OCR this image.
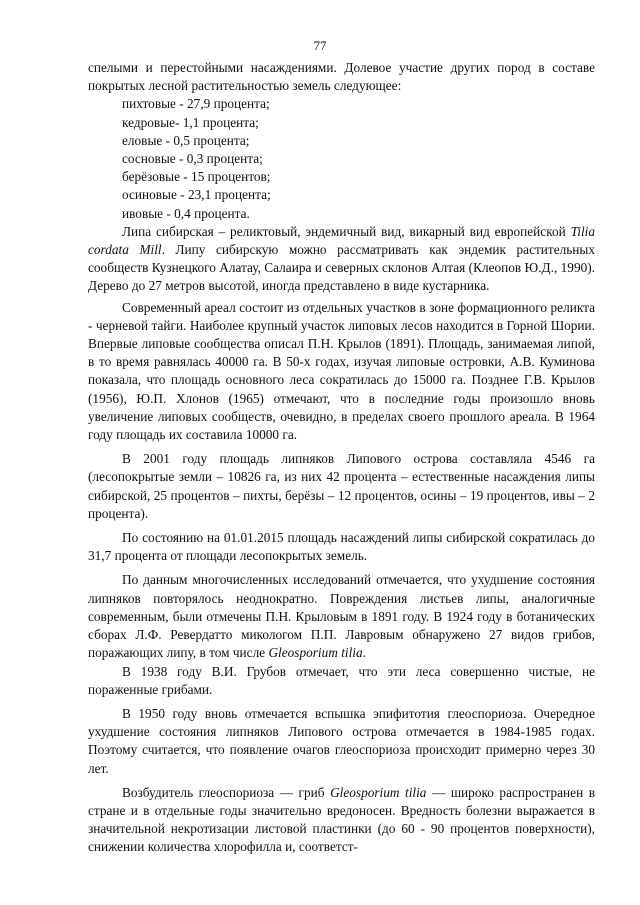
77

спелыми и перестойными насаждениями. Долевое участие других пород в составе покрытых лесной растительностью земель следующее:

пихтовые - 27,9 процента;
кедровые- 1,1 процента;
еловые - 0,5 процента;
сосновые - 0,3 процента;
берёзовые - 15 процентов;
осиновые - 23,1 процента;
ивовые - 0,4 процента.

Липа сибирская – реликтовый, эндемичный вид, викарный вид европейской Tilia cordata Mill. Липу сибирскую можно рассматривать как эндемик растительных сообществ Кузнецкого Алатау, Салаира и северных склонов Алтая (Клеопов Ю.Д., 1990). Дерево до 27 метров высотой, иногда представлено в виде кустарника.

Современный ареал состоит из отдельных участков в зоне формационного реликта - черневой тайги. Наиболее крупный участок липовых лесов находится в Горной Шории. Впервые липовые сообщества описал П.Н. Крылов (1891). Площадь, занимаемая липой, в то время равнялась 40000 га. В 50-х годах, изучая липовые островки, А.В. Куминова показала, что площадь основного леса сократилась до 15000 га. Позднее Г.В. Крылов (1956), Ю.П. Хлонов (1965) отмечают, что в последние годы произошло вновь увеличение липовых сообществ, очевидно, в пределах своего прошлого ареала. В 1964 году площадь их составила 10000 га.

В 2001 году площадь липняков Липового острова составляла 4546 га (лесопокрытые земли – 10826 га, из них 42 процента – естественные насаждения липы сибирской, 25 процентов – пихты, берёзы – 12 процентов, осины – 19 процентов, ивы – 2 процента).

По состоянию на 01.01.2015 площадь насаждений липы сибирской сократилась до 31,7 процента от площади лесопокрытых земель.

По данным многочисленных исследований отмечается, что ухудшение состояния липняков повторялось неоднократно. Повреждения листьев липы, аналогичные современным, были отмечены П.Н. Крыловым в 1891 году. В 1924 году в ботанических сборах Л.Ф. Ревердатто микологом П.П. Лавровым обнаружено 27 видов грибов, поражающих липу, в том числе Gleosporium tilia.

В 1938 году В.И. Грубов отмечает, что эти леса совершенно чистые, не пораженные грибами.

В 1950 году вновь отмечается вспышка эпифитотия глеоспориоза. Очередное ухудшение состояния липняков Липового острова отмечается в 1984-1985 годах. Поэтому считается, что появление очагов глеоспориоза происходит примерно через 30 лет.

Возбудитель глеоспориоза — гриб Gleosporium tilia — широко распространен в стране и в отдельные годы значительно вредоносен. Вредность болезни выражается в значительной некротизации листовой пластинки (до 60 - 90 процентов поверхности), снижении количества хлорофилла и, соответст-
